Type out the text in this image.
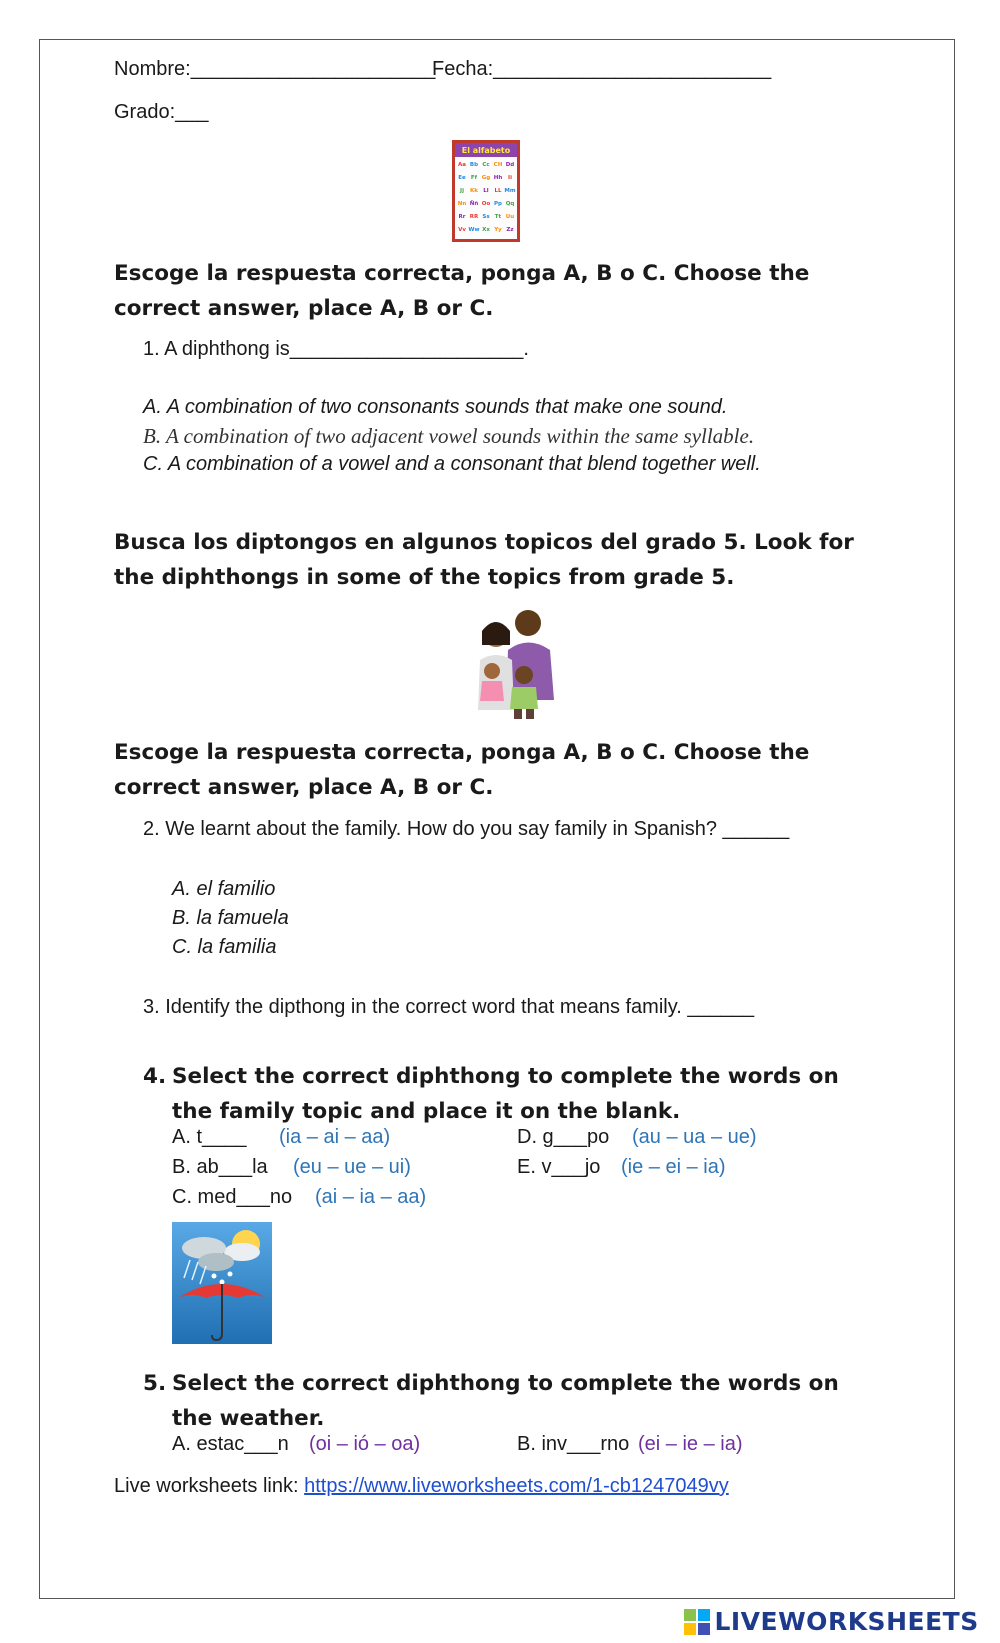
Nombre:______________________
Fecha:_________________________
Grado:___
El alfabeto
Aa Bb Cc CH Dd
Ee Ff Gg Hh Ii
Jj Kk Ll LL Mm
Nn Ññ Oo Pp Qq
Rr RR Ss Tt Uu
Vv Ww Xx Yy Zz
Escoge la respuesta correcta, ponga A, B o C. Choose the correct answer, place A, B or C.
1. A diphthong is_____________________.
A. A combination of two consonants sounds that make one sound.
B. A combination of two adjacent vowel sounds within the same syllable.
C. A combination of a vowel and a consonant that blend together well.
Busca los diptongos en algunos topicos del grado 5. Look for the diphthongs in some of the topics from grade 5.
Escoge la respuesta correcta, ponga A, B o C. Choose the correct answer, place A, B or C.
2. We learnt about the family. How do you say family in Spanish? ______
A. el familio
B. la famuela
C. la familia
3. Identify the dipthong in the correct word that means family. ______
4. Select the correct diphthong to complete the words on the family topic and place it on the blank.
A. t____ (ia – ai – aa)
B. ab___la (eu – ue – ui)
C. med___no (ai – ia – aa)
D. g___po (au – ua – ue)
E. v___jo (ie – ei – ia)
5. Select the correct diphthong to complete the words on the weather.
A. estac___n (oi – ió – oa)	B. inv___rno (ei – ie – ia)
Live worksheets link: https://www.liveworksheets.com/1-cb1247049vy
LIVEWORKSHEETS
